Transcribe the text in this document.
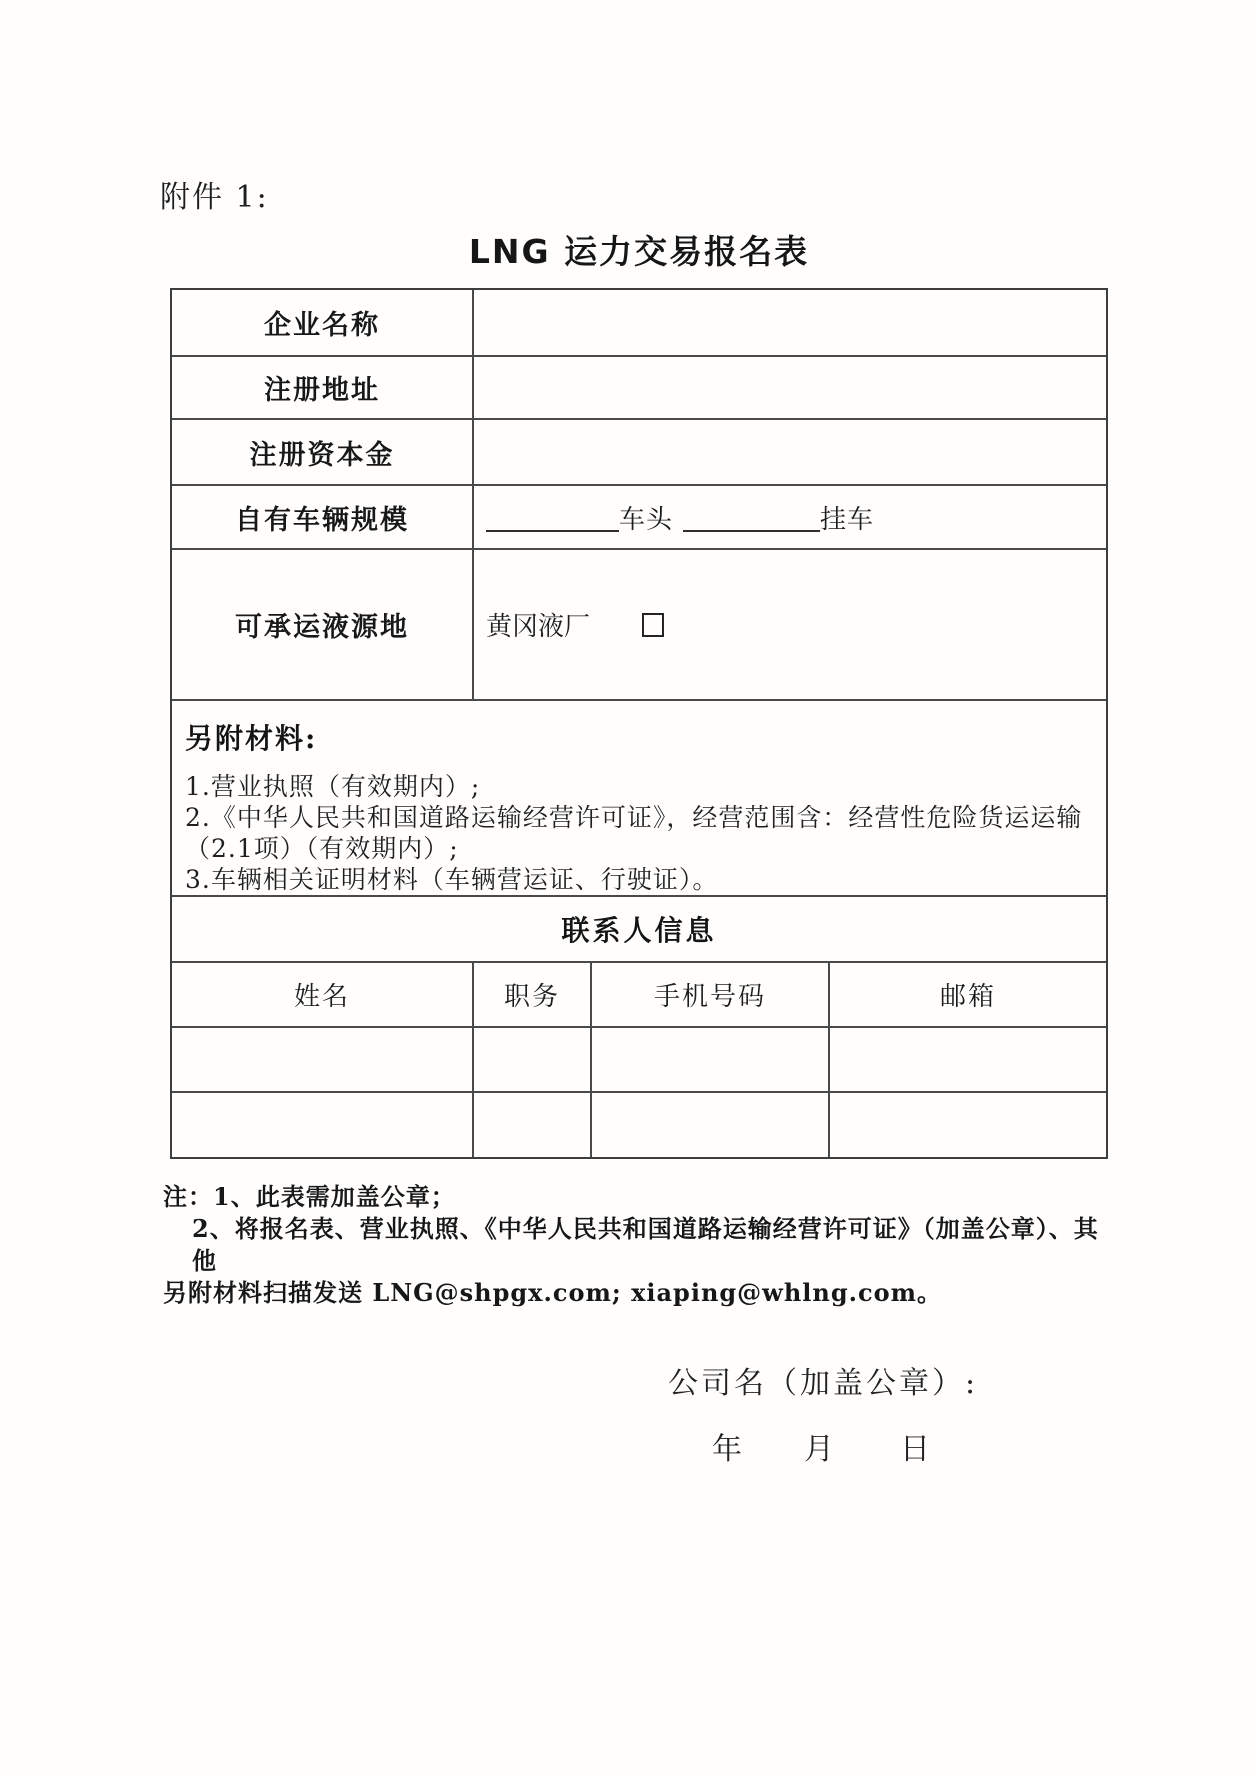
附件 1:
LNG 运力交易报名表
企业名称
注册地址
注册资本金
自有车辆规模	车头	挂车
可承运液源地	黄冈液厂
另附材料:
1.营业执照（有效期内）;
2.《中华人民共和国道路运输经营许可证》，经营范围含：经营性危险货运运输（2.1项）（有效期内）;
3.车辆相关证明材料（车辆营运证、行驶证）。
联系人信息
姓名	职务	手机号码	邮箱
注：1、此表需加盖公章；
2、将报名表、营业执照、《中华人民共和国道路运输经营许可证》（加盖公章）、其他
另附材料扫描发送 LNG@shpgx.com; xiaping@whlng.com。
公司名（加盖公章）:
年 月 日
